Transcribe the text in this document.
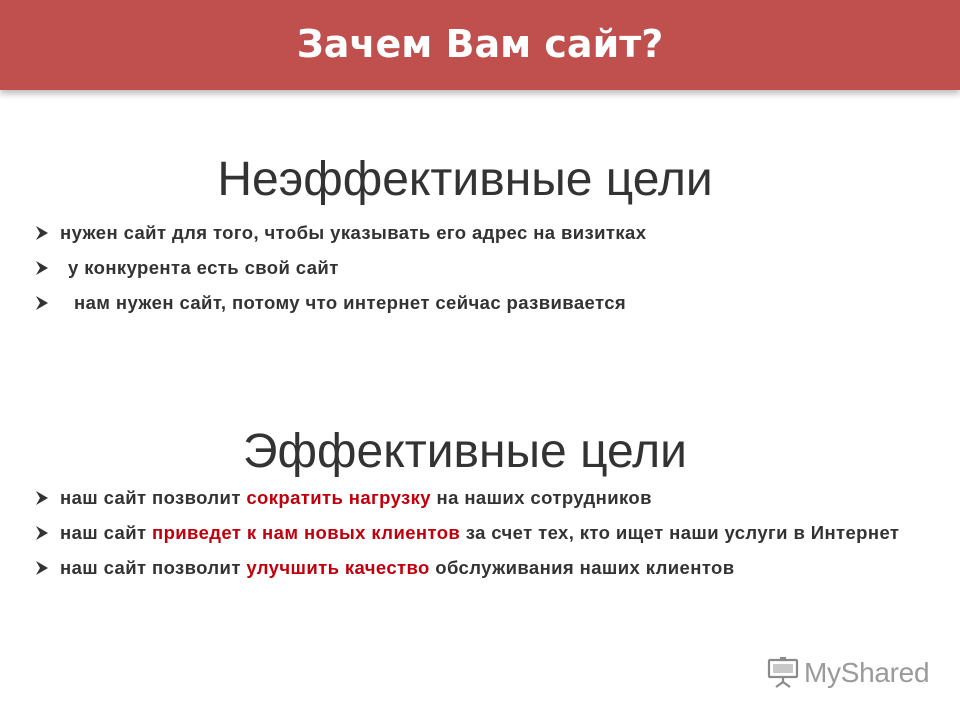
Зачем Вам сайт?
Неэффективные цели
нужен сайт для того, чтобы указывать его адрес на визитках
у конкурента есть свой сайт
нам нужен сайт, потому что интернет сейчас развивается
Эффективные цели
наш сайт позволит сократить нагрузку на наших сотрудников
наш сайт приведет к нам новых клиентов за счет тех, кто ищет наши услуги в Интернет
наш сайт позволит улучшить качество обслуживания наших клиентов
MyShared
